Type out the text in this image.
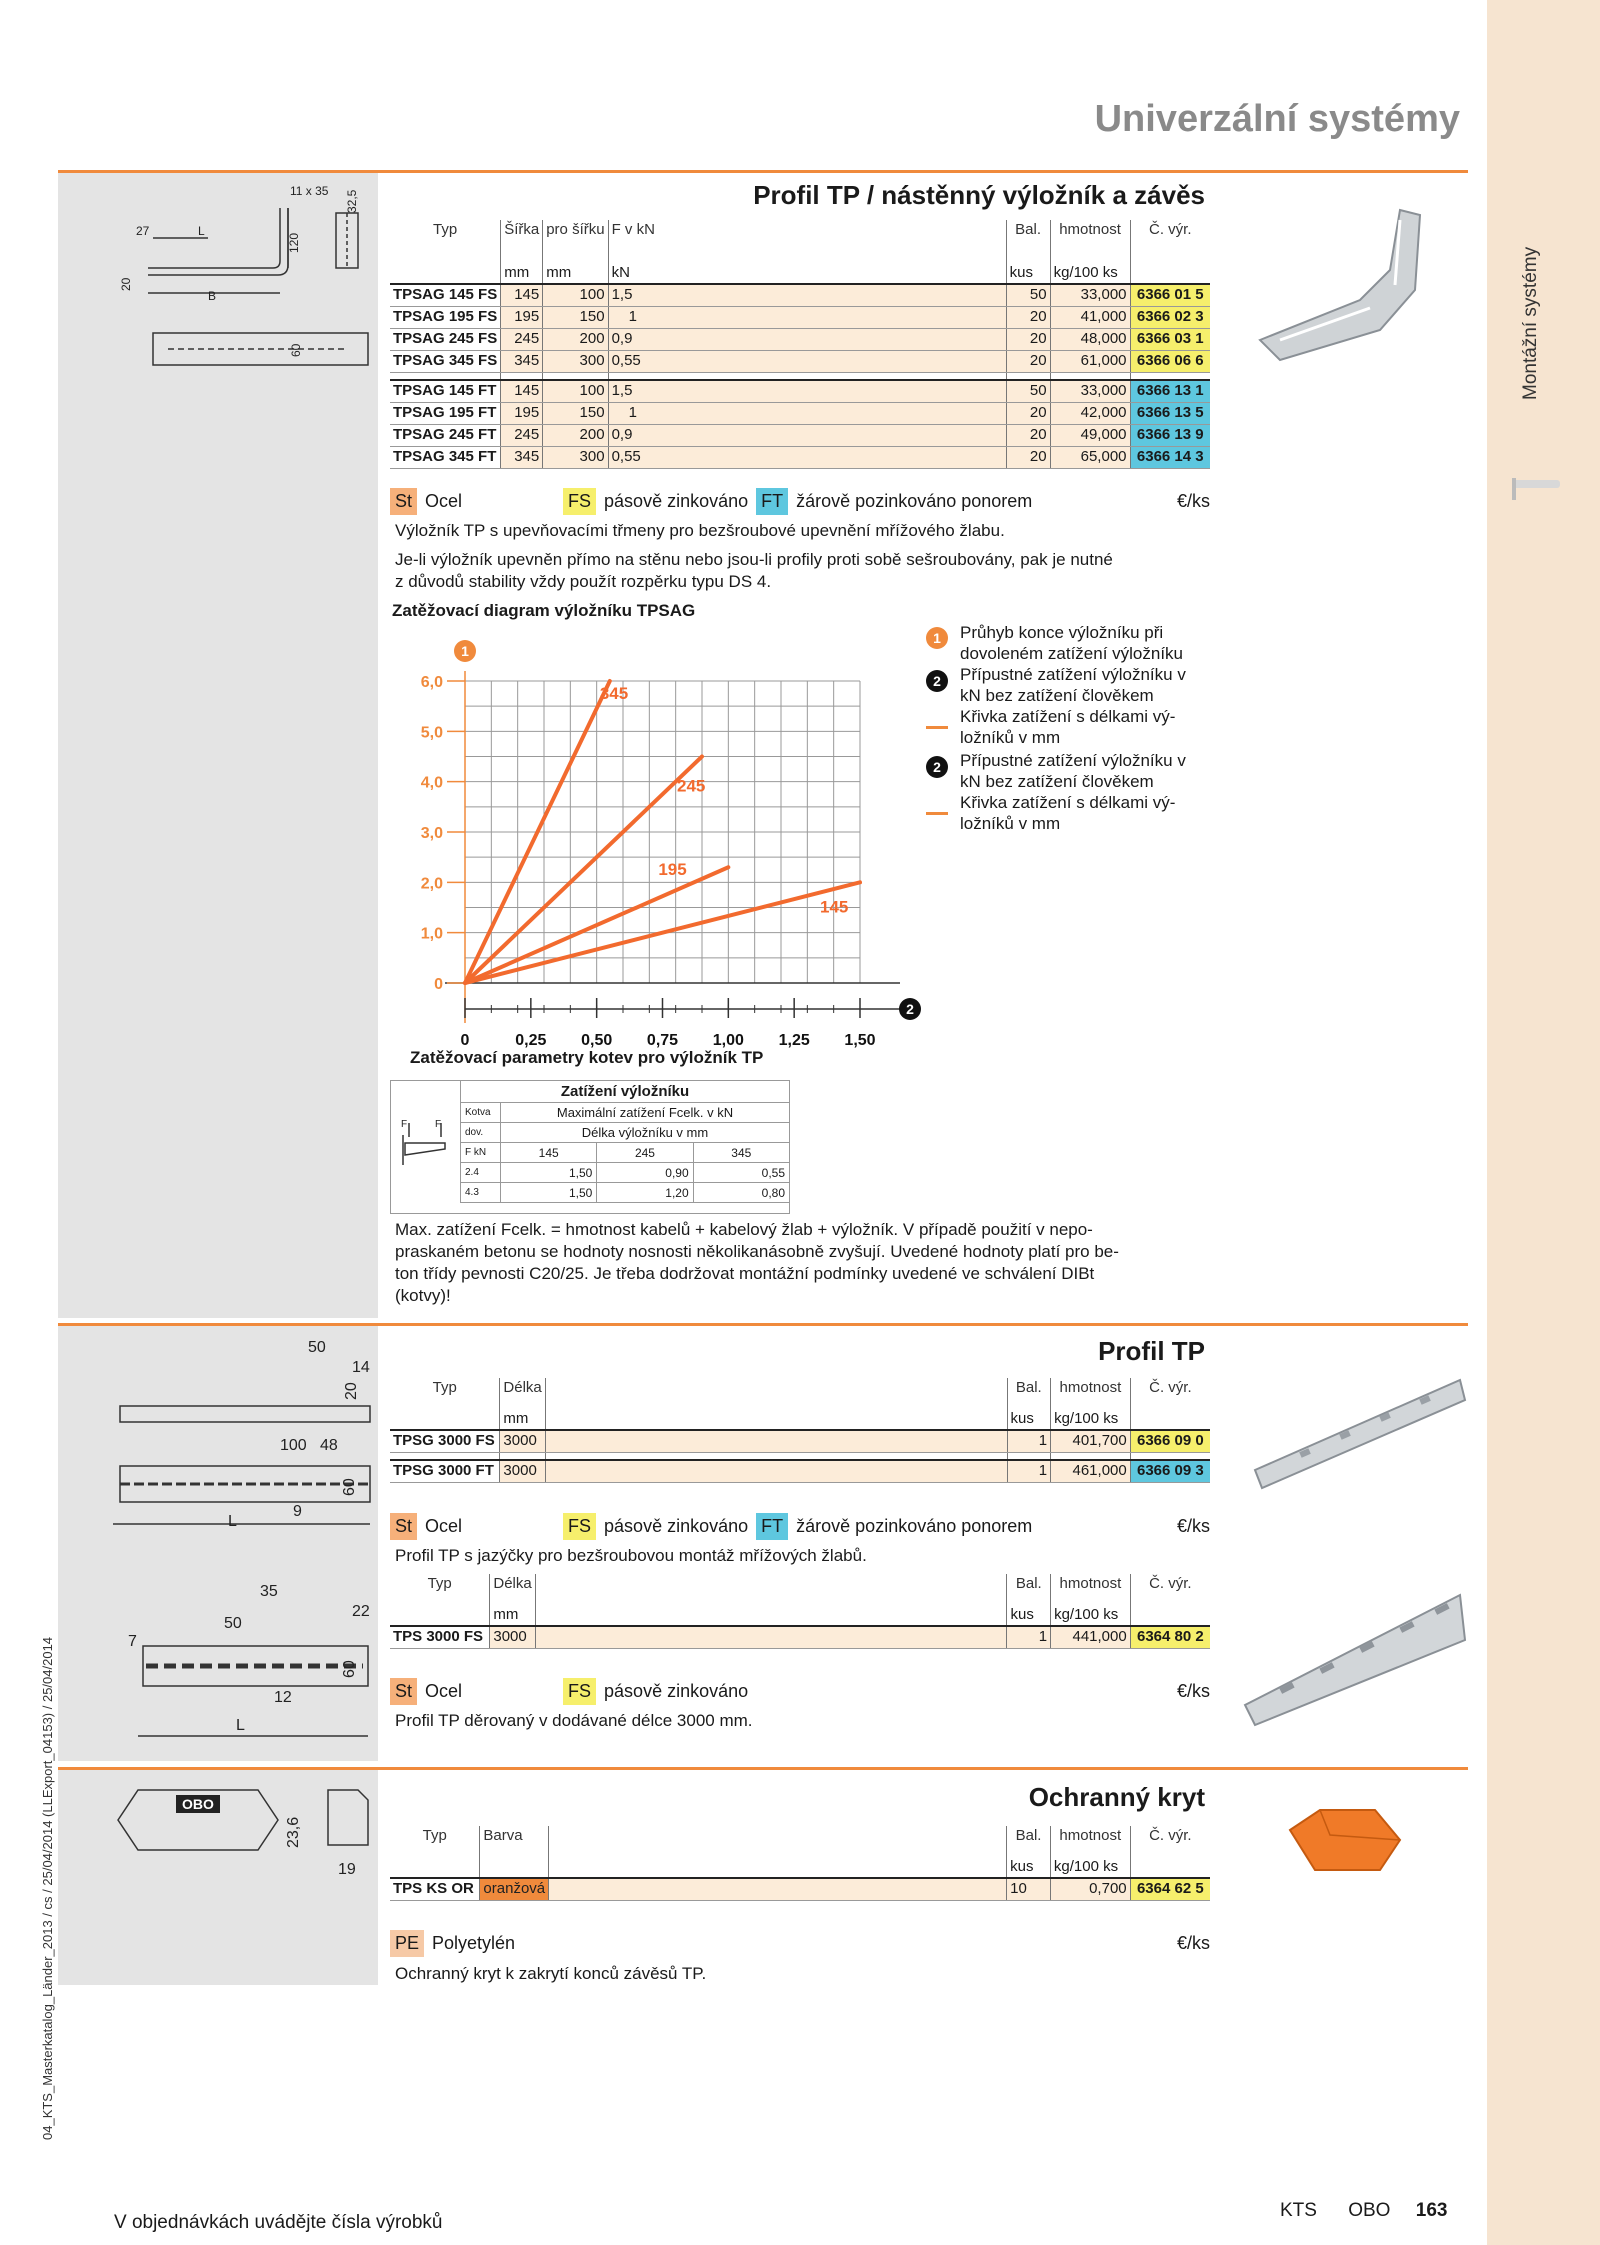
Montážní systémy
Univerzální systémy
11 x 35 32,5
27	L
120
20
B
60
Profil TP / nástěnný výložník a závěs
Typ	Šířka	pro šířku	F v kN	Bal.	hmotnost	Č. výr.
	mm	mm	kN	kus	kg/100 ks	
TPSAG 145 FS	145	100	1,5	50	33,000	6366 01 5
TPSAG 195 FS	195	150	1	20	41,000	6366 02 3
TPSAG 245 FS	245	200	0,9	20	48,000	6366 03 1
TPSAG 345 FS	345	300	0,55	20	61,000	6366 06 6

TPSAG 145 FT	145	100	1,5	50	33,000	6366 13 1
TPSAG 195 FT	195	150	1	20	42,000	6366 13 5
TPSAG 245 FT	245	200	0,9	20	49,000	6366 13 9
TPSAG 345 FT	345	300	0,55	20	65,000	6366 14 3
St Ocel	FS pásově zinkováno FT žárově pozinkováno ponorem	€/ks
Výložník TP s upevňovacími třmeny pro bezšroubové upevnění mřížového žlabu.
Je-li výložník upevněn přímo na stěnu nebo jsou-li profily proti sobě sešroubovány, pak je nutné
z důvodů stability vždy použít rozpěrku typu DS 4.
Zatěžovací diagram výložníku TPSAG
0
1,0
2,0
3,0
4,0
5,0
6,0
0	0,25 0,50 0,75 1,00 1,25 1,50
1
2
345
245
195
145
1	Průhyb konce výložníku při
dovoleném zatížení výložníku
2	Přípustné zatížení výložníku v
kN bez zatížení člověkem
Křivka zatížení s délkami vý-
ložníků v mm
2	Přípustné zatížení výložníku v
kN bez zatížení člověkem
Křivka zatížení s délkami vý-
ložníků v mm
Zatěžovací parametry kotev pro výložník TP
F	F
Zatížení výložníku			
Kotva	Maximální zatížení Fcelk. v kN		
dov.	Délka výložníku v mm		
F kN	145	245	345
2.4	1,50	0,90	0,55
4.3	1,50	1,20	0,80
Max. zatížení Fcelk. = hmotnost kabelů + kabelový žlab + výložník. V případě použití v nepo-
praskaném betonu se hodnoty nosnosti několikanásobně zvyšují. Uvedené hodnoty platí pro be-
ton třídy pevnosti C20/25. Je třeba dodržovat montážní podmínky uvedené ve schválení DIBt
(kotvy)!
50
14
20
100 48
60
9
L
35
22
50
7
60
12
L
Profil TP
Typ	Délka		Bal.	hmotnost	Č. výr.
	mm		kus	kg/100 ks	
TPSG 3000 FS	3000		1	401,700	6366 09 0

TPSG 3000 FT	3000		1	461,000	6366 09 3
St Ocel	FS pásově zinkováno FT žárově pozinkováno ponorem	€/ks
Profil TP s jazýčky pro bezšroubovou montáž mřížových žlabů.
Typ	Délka		Bal.	hmotnost	Č. výr.
	mm		kus	kg/100 ks	
TPS 3000 FS	3000		1	441,000	6364 80 2
St Ocel	FS pásově zinkováno	€/ks
Profil TP děrovaný v dodávané délce 3000 mm.
OBO
23,6
19
Ochranný kryt
Typ	Barva		Bal.	hmotnost	Č. výr.
			kus	kg/100 ks	
TPS KS OR	oranžová		10	0,700	6364 62 5
PE Polyetylén	€/ks
Ochranný kryt k zakrytí konců závěsů TP.
04_KTS_Masterkatalog_Länder_2013 / cs / 25/04/2014 (LLExport_04153) / 25/04/2014
V objednávkách uvádějte čísla výrobků
KTS OBO 163
